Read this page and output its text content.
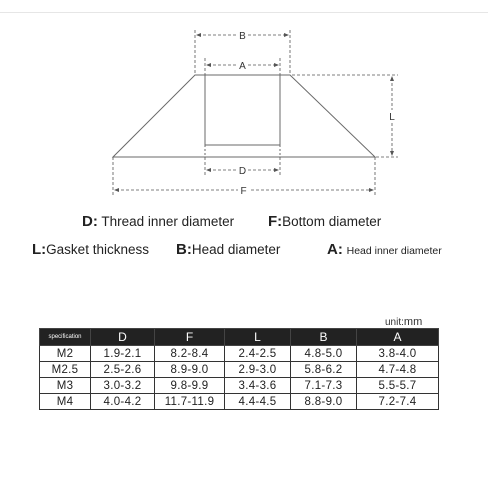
B
A
L
D
F
D: Thread inner diameter F:Bottom diameter
L:Gasket thickness B:Head diameter	A: Head inner diameter
unit:mm
specification	D	F	L	B	A
M2	1.9-2.1	8.2-8.4	2.4-2.5	4.8-5.0	3.8-4.0
M2.5	2.5-2.6	8.9-9.0	2.9-3.0	5.8-6.2	4.7-4.8
M3	3.0-3.2	9.8-9.9	3.4-3.6	7.1-7.3	5.5-5.7
M4	4.0-4.2	11.7-11.9	4.4-4.5	8.8-9.0	7.2-7.4
